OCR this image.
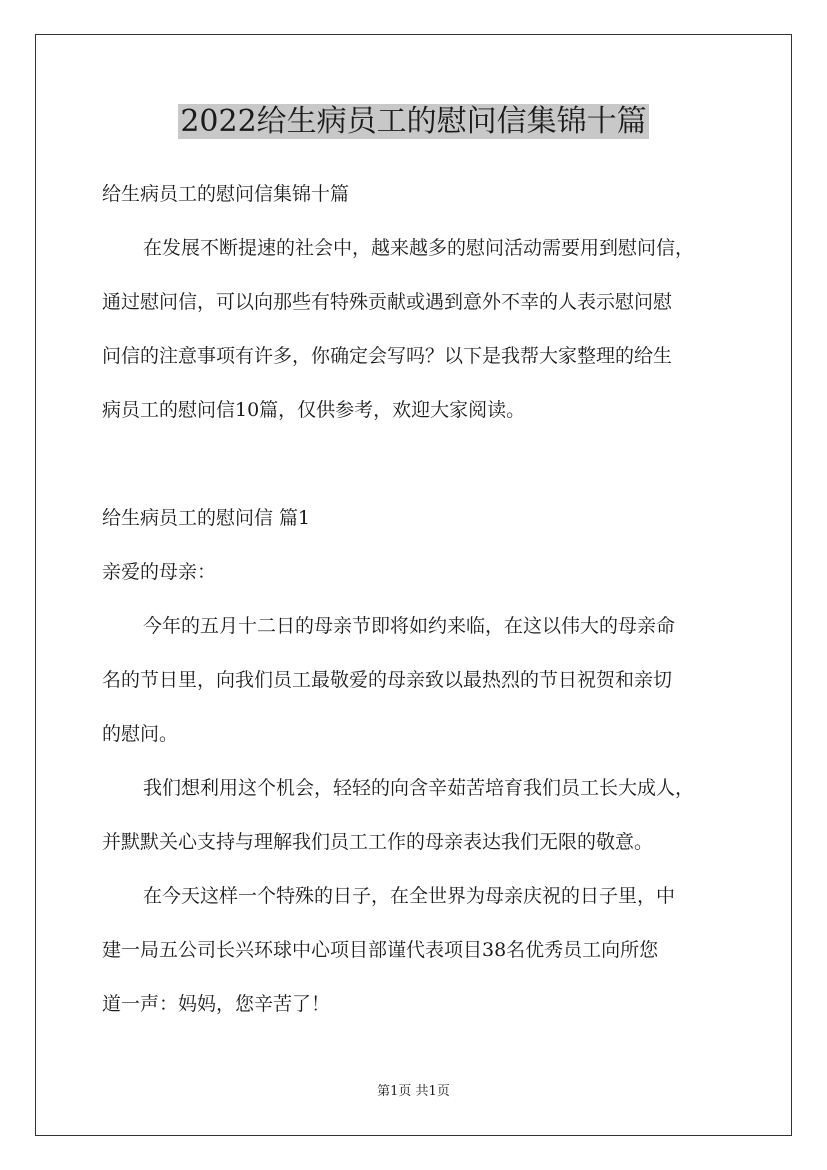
2022给生病员工的慰问信集锦十篇

给生病员工的慰问信集锦十篇

在发展不断提速的社会中，越来越多的慰问活动需要用到慰问信，

通过慰问信，可以向那些有特殊贡献或遇到意外不幸的人表示慰问慰

问信的注意事项有许多，你确定会写吗？以下是我帮大家整理的给生

病员工的慰问信10篇，仅供参考，欢迎大家阅读。

给生病员工的慰问信 篇1

亲爱的母亲：

今年的五月十二日的母亲节即将如约来临，在这以伟大的母亲命

名的节日里，向我们员工最敬爱的母亲致以最热烈的节日祝贺和亲切

的慰问。

我们想利用这个机会，轻轻的向含辛茹苦培育我们员工长大成人，

并默默关心支持与理解我们员工工作的母亲表达我们无限的敬意。

在今天这样一个特殊的日子，在全世界为母亲庆祝的日子里，中

建一局五公司长兴环球中心项目部谨代表项目38名优秀员工向所您

道一声：妈妈，您辛苦了！

第1页 共1页
